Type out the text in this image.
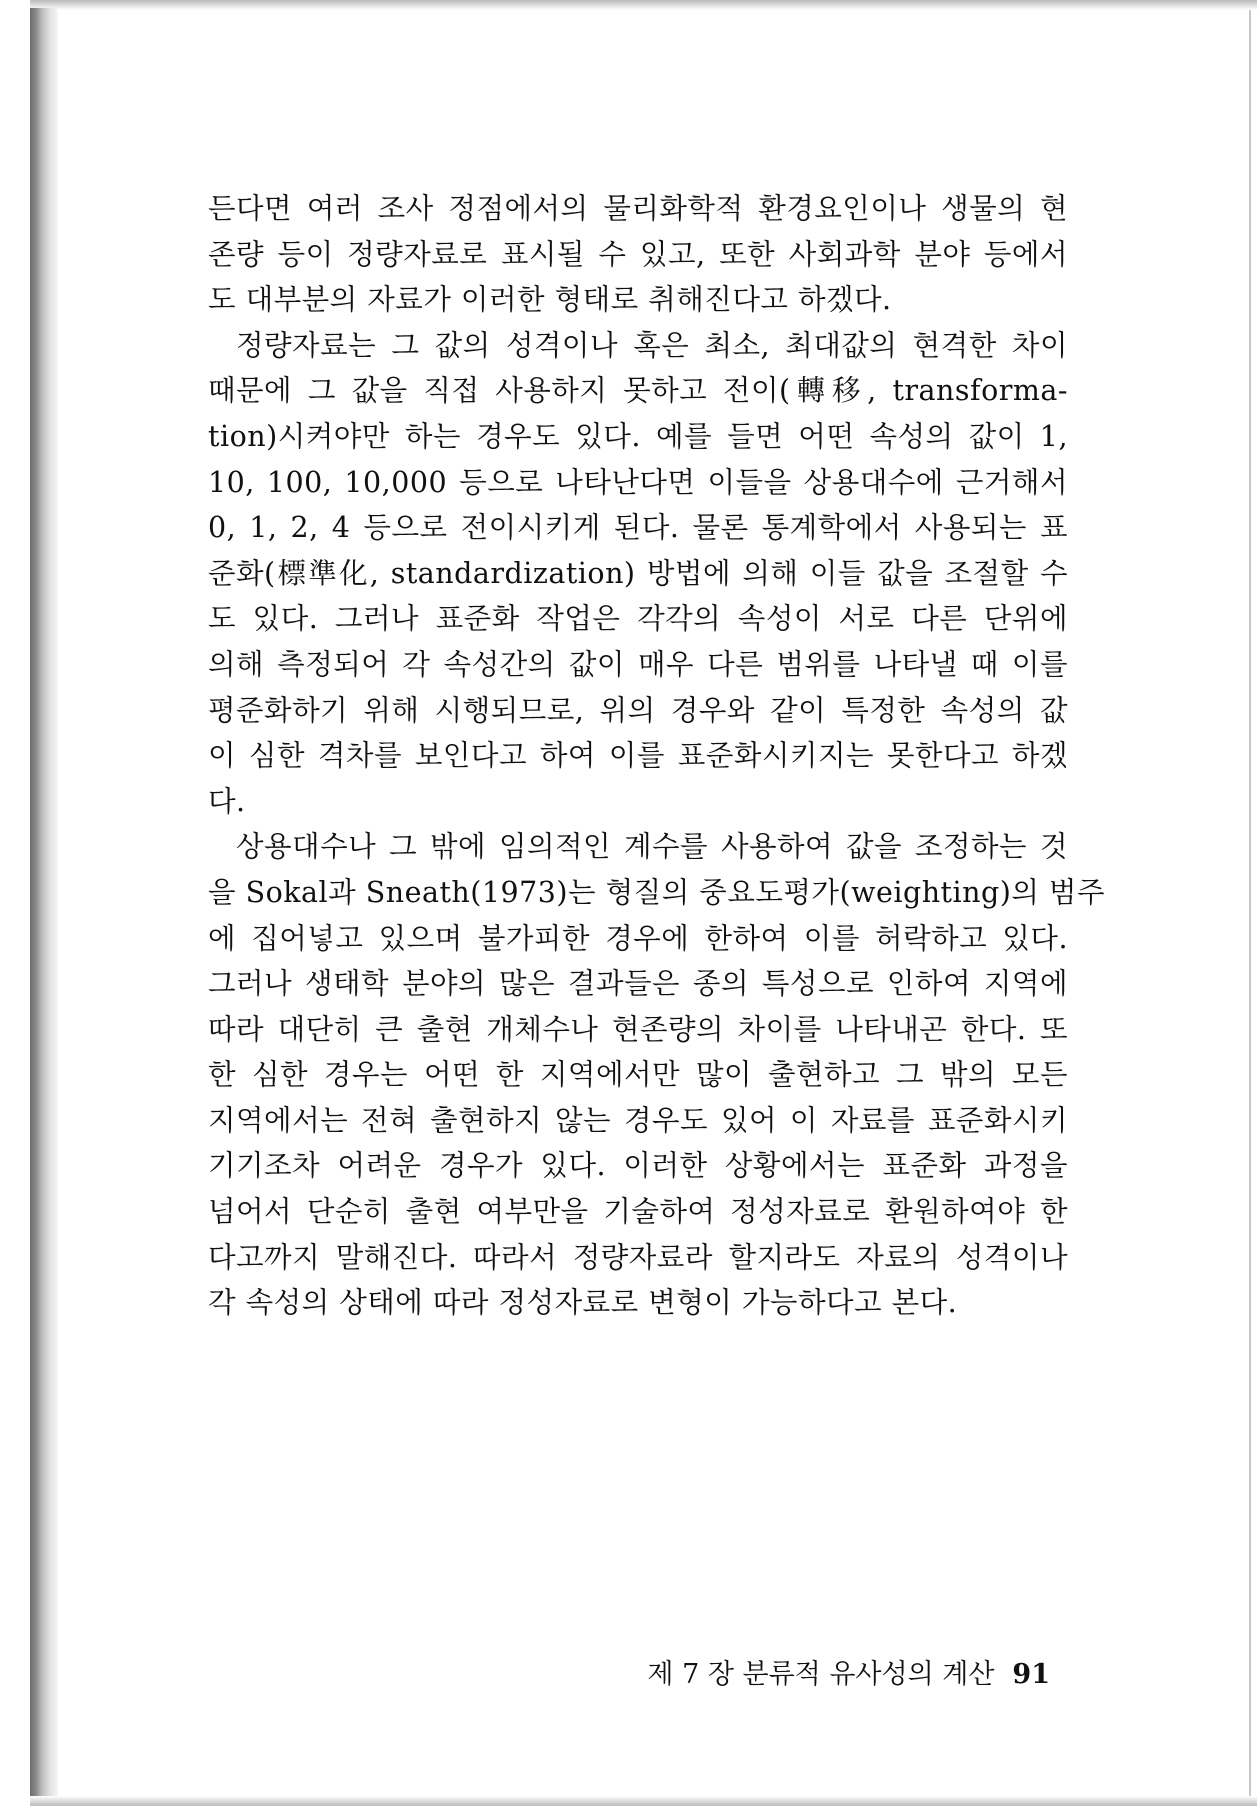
든다면 여러 조사 정점에서의 물리화학적 환경요인이나 생물의 현
존량 등이 정량자료로 표시될 수 있고, 또한 사회과학 분야 등에서
도 대부분의 자료가 이러한 형태로 취해진다고 하겠다.
정량자료는 그 값의 성격이나 혹은 최소, 최대값의 현격한 차이
때문에 그 값을 직접 사용하지 못하고 전이(轉移, transforma-
tion)시켜야만 하는 경우도 있다. 예를 들면 어떤 속성의 값이 1,
10, 100, 10,000 등으로 나타난다면 이들을 상용대수에 근거해서
0, 1, 2, 4 등으로 전이시키게 된다. 물론 통계학에서 사용되는 표
준화(標準化, standardization) 방법에 의해 이들 값을 조절할 수
도 있다. 그러나 표준화 작업은 각각의 속성이 서로 다른 단위에
의해 측정되어 각 속성간의 값이 매우 다른 범위를 나타낼 때 이를
평준화하기 위해 시행되므로, 위의 경우와 같이 특정한 속성의 값
이 심한 격차를 보인다고 하여 이를 표준화시키지는 못한다고 하겠
다.
상용대수나 그 밖에 임의적인 계수를 사용하여 값을 조정하는 것
을 Sokal과 Sneath(1973)는 형질의 중요도평가(weighting)의 범주
에 집어넣고 있으며 불가피한 경우에 한하여 이를 허락하고 있다.
그러나 생태학 분야의 많은 결과들은 종의 특성으로 인하여 지역에
따라 대단히 큰 출현 개체수나 현존량의 차이를 나타내곤 한다. 또
한 심한 경우는 어떤 한 지역에서만 많이 출현하고 그 밖의 모든
지역에서는 전혀 출현하지 않는 경우도 있어 이 자료를 표준화시키
기기조차 어려운 경우가 있다. 이러한 상황에서는 표준화 과정을
넘어서 단순히 출현 여부만을 기술하여 정성자료로 환원하여야 한
다고까지 말해진다. 따라서 정량자료라 할지라도 자료의 성격이나
각 속성의 상태에 따라 정성자료로 변형이 가능하다고 본다.
제 7 장 분류적 유사성의 계산 91
